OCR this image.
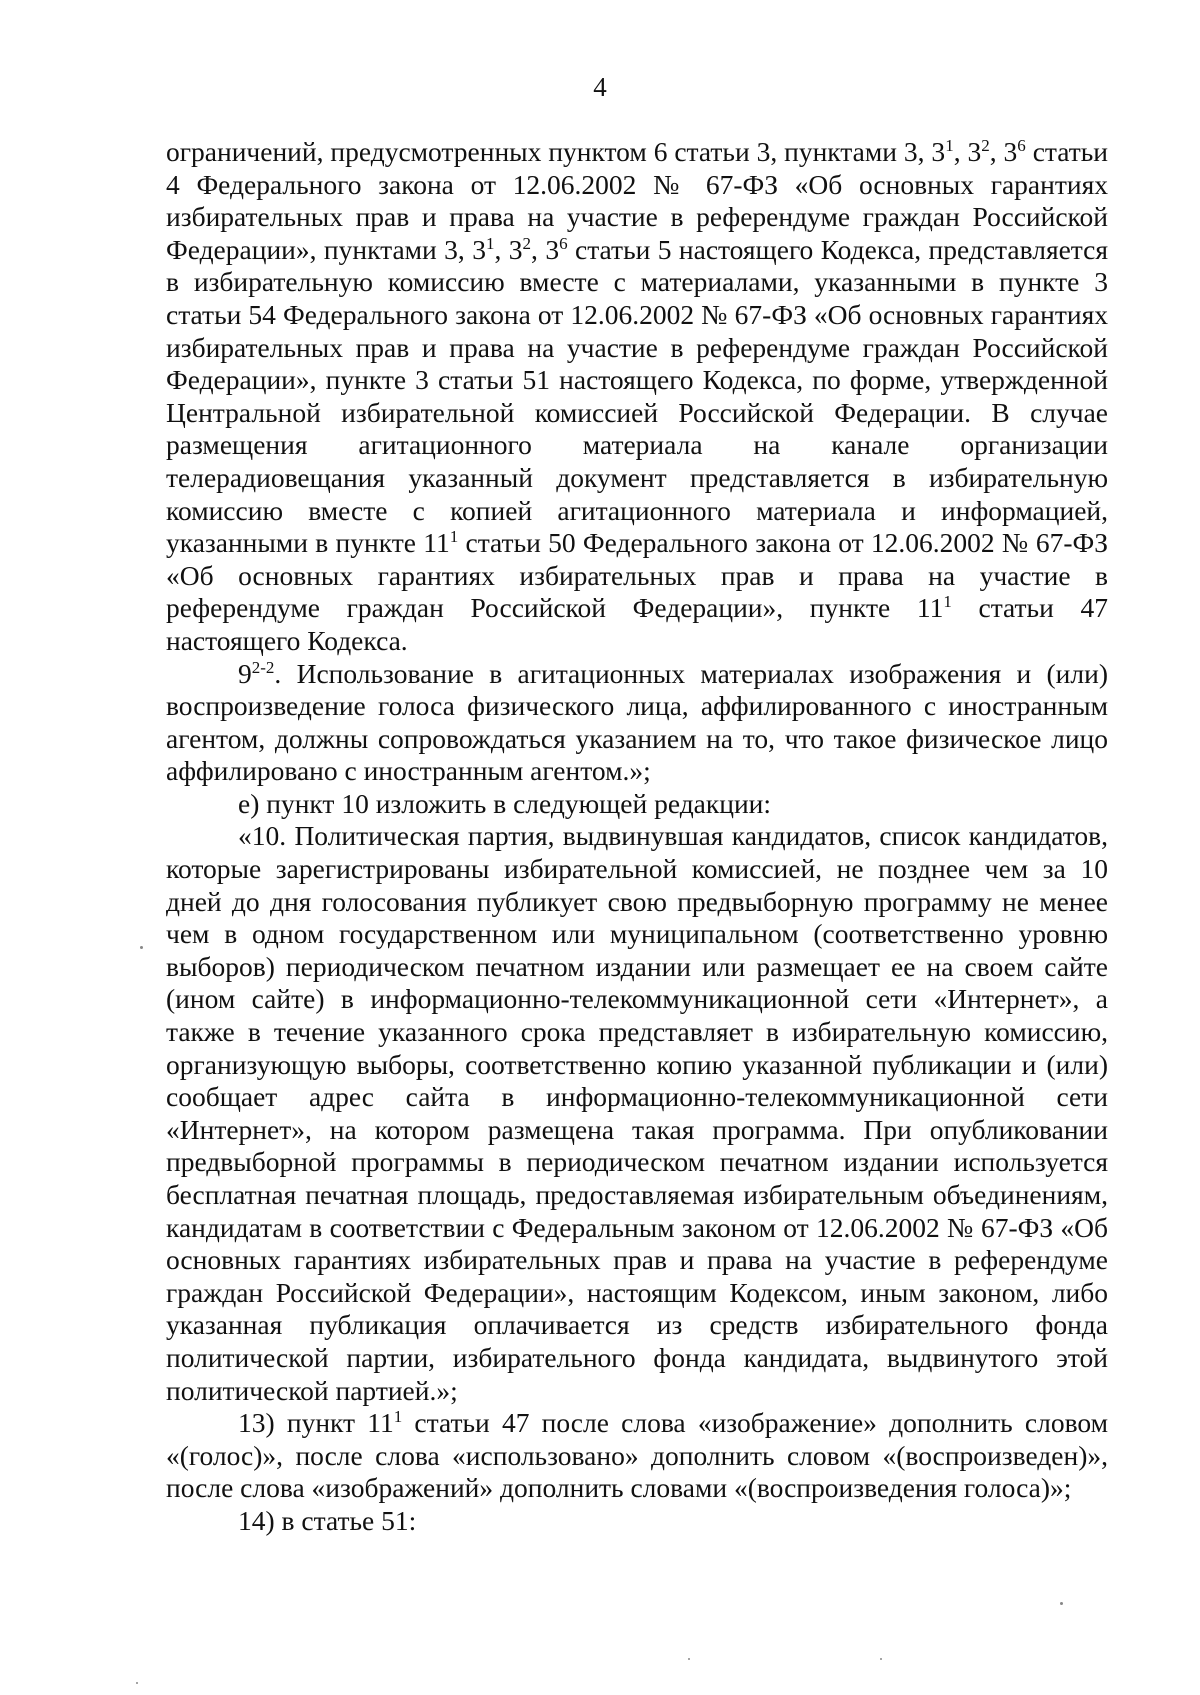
4

ограничений, предусмотренных пунктом 6 статьи 3, пунктами 3, $3^1$, $3^2$, $3^6$ статьи 4 Федерального закона от 12.06.2002 № 67-ФЗ «Об основных гарантиях избирательных прав и права на участие в референдуме граждан Российской Федерации», пунктами 3, $3^1$, $3^2$, $3^6$ статьи 5 настоящего Кодекса, представляется в избирательную комиссию вместе с материалами, указанными в пункте 3 статьи 54 Федерального закона от 12.06.2002 № 67-ФЗ «Об основных гарантиях избирательных прав и права на участие в референдуме граждан Российской Федерации», пункте 3 статьи 51 настоящего Кодекса, по форме, утвержденной Центральной избирательной комиссией Российской Федерации. В случае размещения агитационного материала на канале организации телерадиовещания указанный документ представляется в избирательную комиссию вместе с копией агитационного материала и информацией, указанными в пункте $11^1$ статьи 50 Федерального закона от 12.06.2002 № 67-ФЗ «Об основных гарантиях избирательных прав и права на участие в референдуме граждан Российской Федерации», пункте $11^1$ статьи 47 настоящего Кодекса.

9$^{2-2}$. Использование в агитационных материалах изображения и (или) воспроизведение голоса физического лица, аффилированного с иностранным агентом, должны сопровождаться указанием на то, что такое физическое лицо аффилировано с иностранным агентом.»;

е) пункт 10 изложить в следующей редакции:

«10. Политическая партия, выдвинувшая кандидатов, список кандидатов, которые зарегистрированы избирательной комиссией, не позднее чем за 10 дней до дня голосования публикует свою предвыборную программу не менее чем в одном государственном или муниципальном (соответственно уровню выборов) периодическом печатном издании или размещает ее на своем сайте (ином сайте) в информационно-телекоммуникационной сети «Интернет», а также в течение указанного срока представляет в избирательную комиссию, организующую выборы, соответственно копию указанной публикации и (или) сообщает адрес сайта в информационно-телекоммуникационной сети «Интернет», на котором размещена такая программа. При опубликовании предвыборной программы в периодическом печатном издании используется бесплатная печатная площадь, предоставляемая избирательным объединениям, кандидатам в соответствии с Федеральным законом от 12.06.2002 № 67-ФЗ «Об основных гарантиях избирательных прав и права на участие в референдуме граждан Российской Федерации», настоящим Кодексом, иным законом, либо указанная публикация оплачивается из средств избирательного фонда политической партии, избирательного фонда кандидата, выдвинутого этой политической партией.»;

13) пункт $11^1$ статьи 47 после слова «изображение» дополнить словом «(голос)», после слова «использовано» дополнить словом «(воспроизведен)», после слова «изображений» дополнить словами «(воспроизведения голоса)»;

14) в статье 51:
